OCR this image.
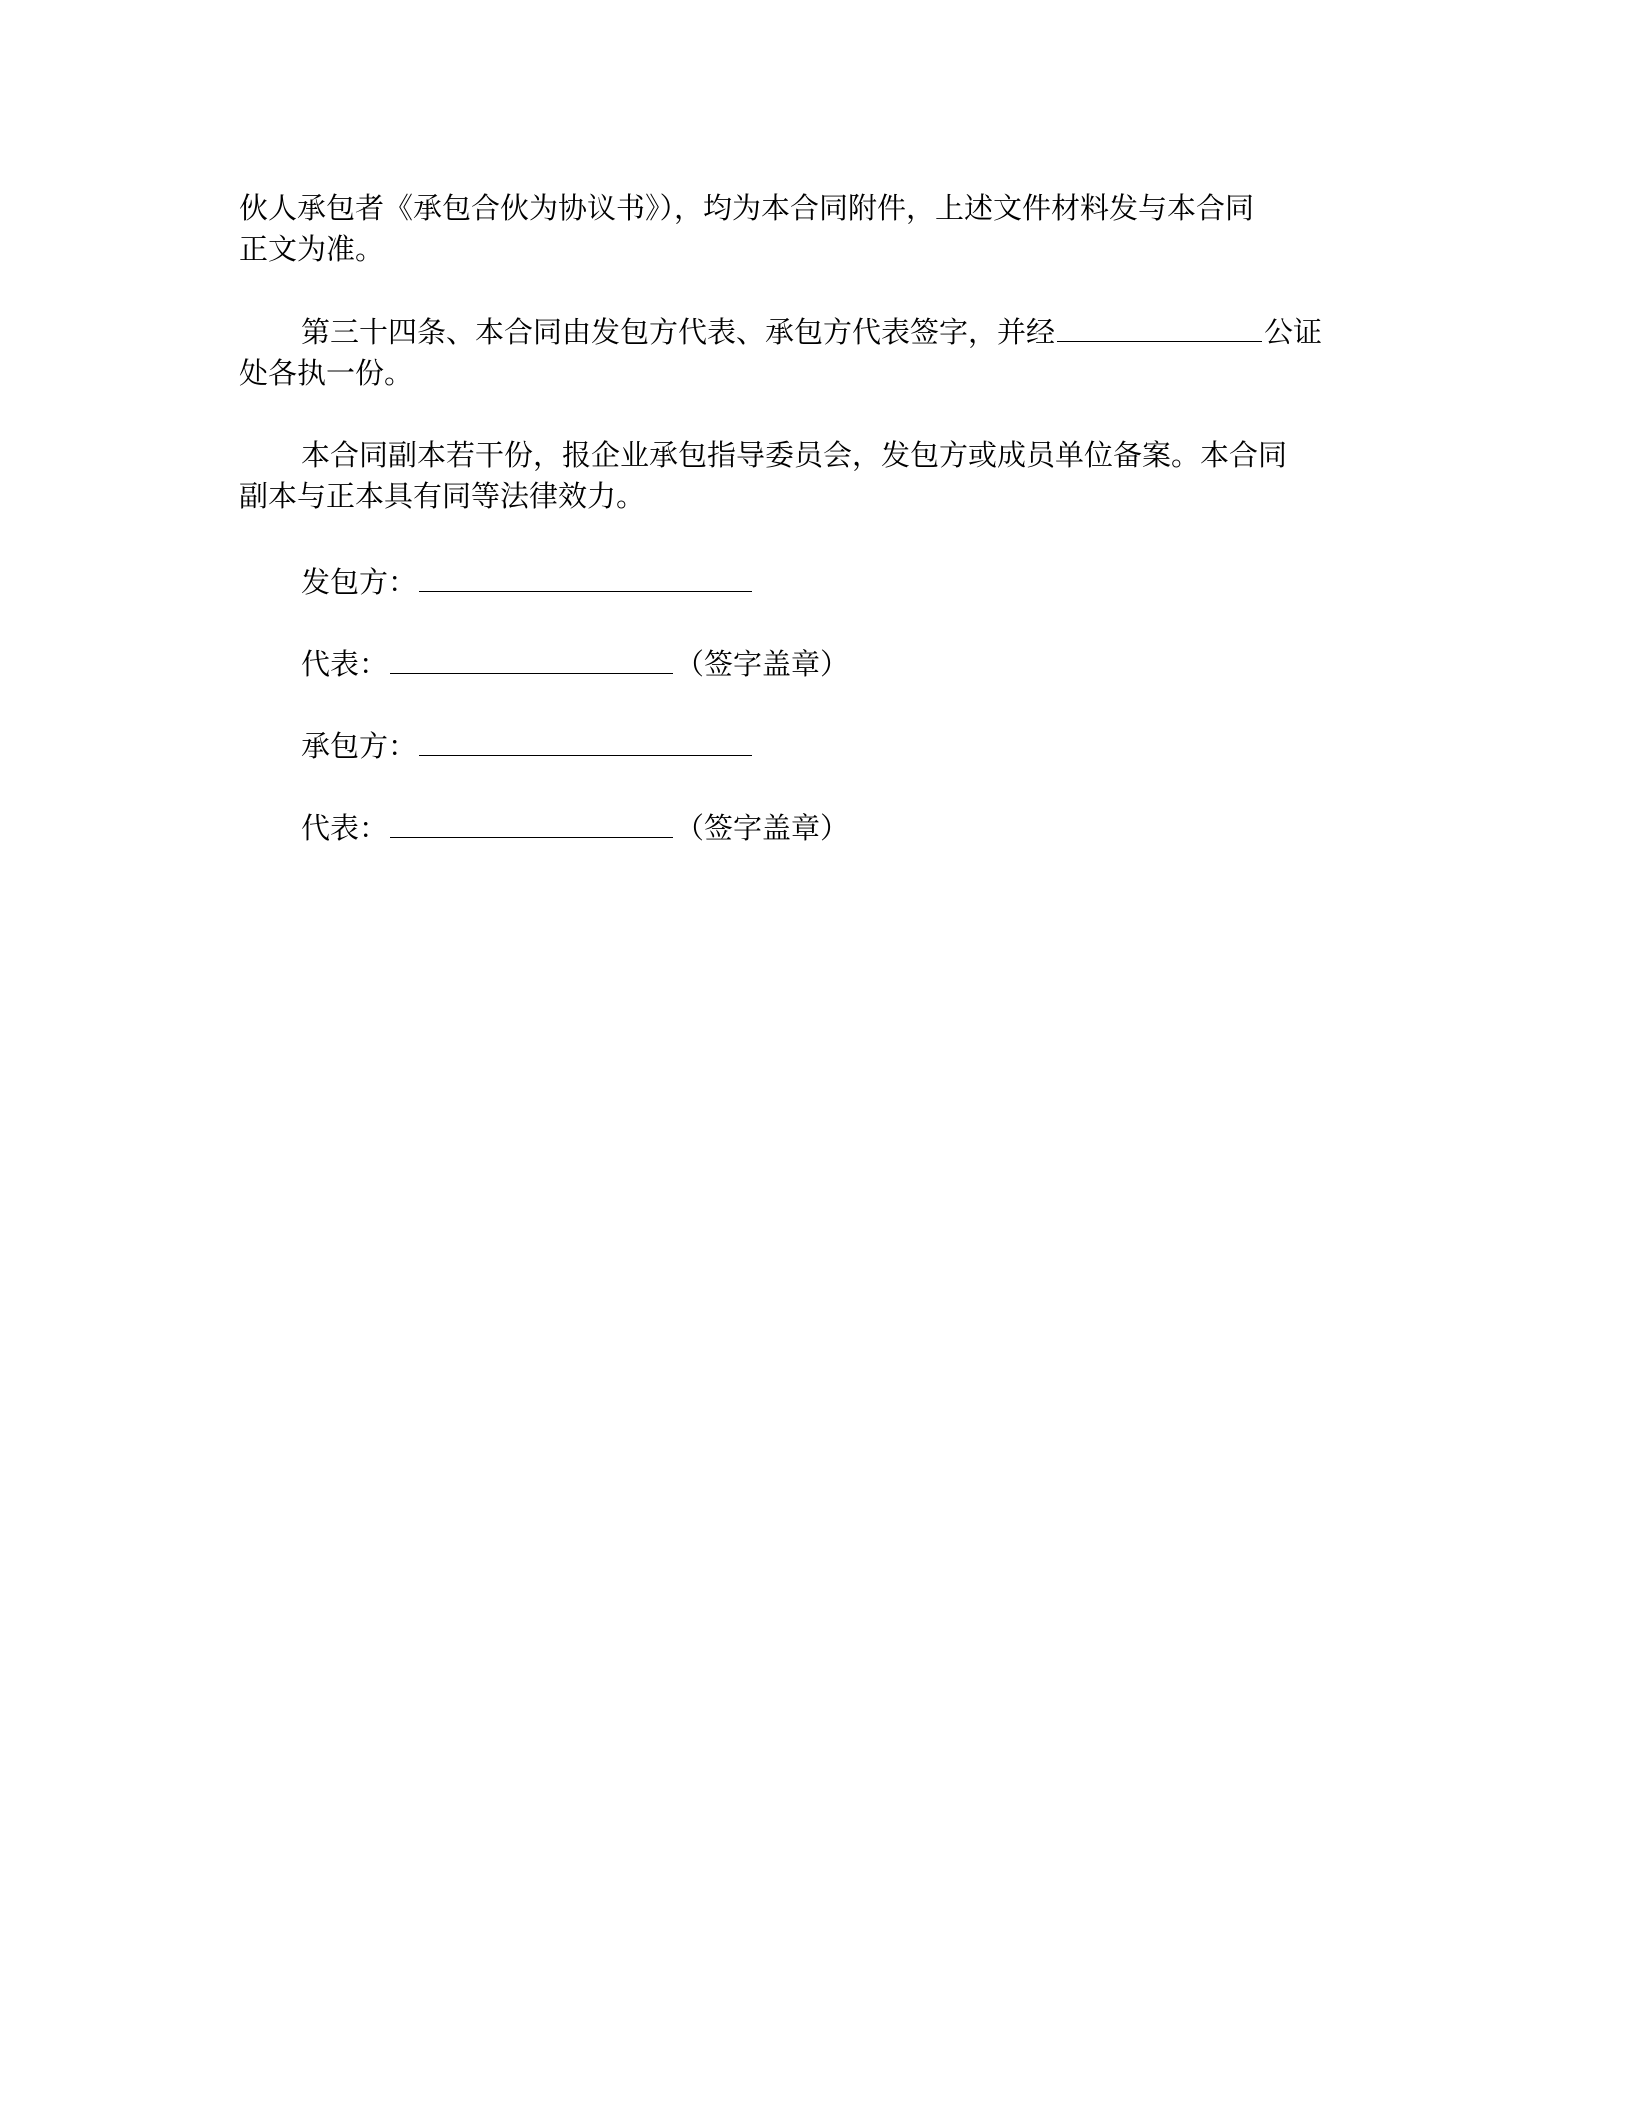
伙人承包者《承包合伙为协议书》），均为本合同附件，上述文件材料发与本合同
正文为准。

第三十四条、本合同由发包方代表、承包方代表签字，并经	公证
处各执一份。

本合同副本若干份，报企业承包指导委员会，发包方或成员单位备案。本合同
副本与正本具有同等法律效力。

发包方：
代表：	（签字盖章）
承包方：
代表：	（签字盖章）
